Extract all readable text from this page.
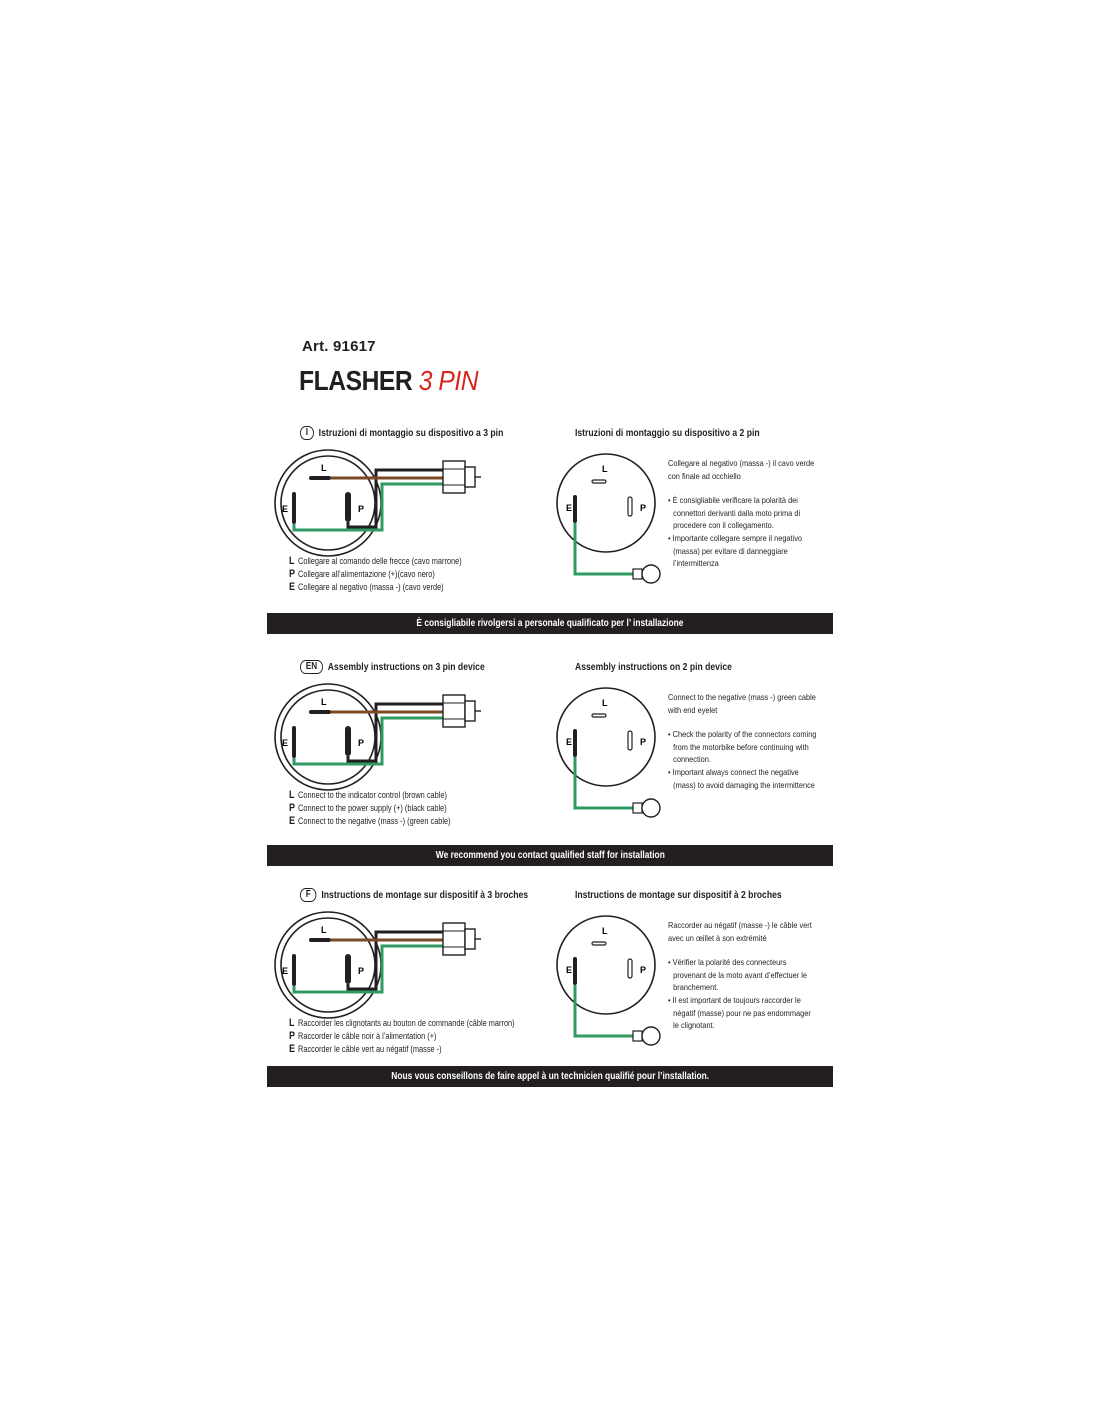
Art. 91617
FLASHER 3 PIN
I Istruzioni di montaggio su dispositivo a 3 pin	Istruzioni di montaggio su dispositivo a 2 pin
L
E	P
L
E	P
L Collegare al comando delle frecce (cavo marrone)
P Collegare all’alimentazione (+)(cavo nero)
E Collegare al negativo (massa -) (cavo verde)

Collegare al negativo (massa -) il cavo verde con finale ad occhiello

• È consigliabile verificare la polarità dei connettori derivanti dalla moto prima di procedere con il collegamento.
• Importante collegare sempre il negativo (massa) per evitare di danneggiare l’intermittenza
È consigliabile rivolgersi a personale qualificato per l’ installazione
EN Assembly instructions on 3 pin device	Assembly instructions on 2 pin device
L
E	P
L
E	P
L Connect to the indicator control (brown cable)
P Connect to the power supply (+) (black cable)
E Connect to the negative (mass -) (green cable)

Connect to the negative (mass -) green cable with end eyelet

• Check the polarity of the connectors coming from the motorbike before continuing with connection.
• Important always connect the negative (mass) to avoid damaging the intermittence
We recommend you contact qualified staff for installation
F Instructions de montage sur dispositif à 3 broches	Instructions de montage sur dispositif à 2 broches
L
E	P
L
E	P
L Raccorder les clignotants au bouton de commande (câble marron)
P Raccorder le câble noir à l’alimentation (+)
E Raccorder le câble vert au négatif (masse -)

Raccorder au négatif (masse -) le câble vert avec un œillet à son extrémité

• Vérifier la polarité des connecteurs provenant de la moto avant d’effectuer le branchement.
• Il est important de toujours raccorder le négatif (masse) pour ne pas endommager le clignotant.
Nous vous conseillons de faire appel à un technicien qualifié pour l’installation.
